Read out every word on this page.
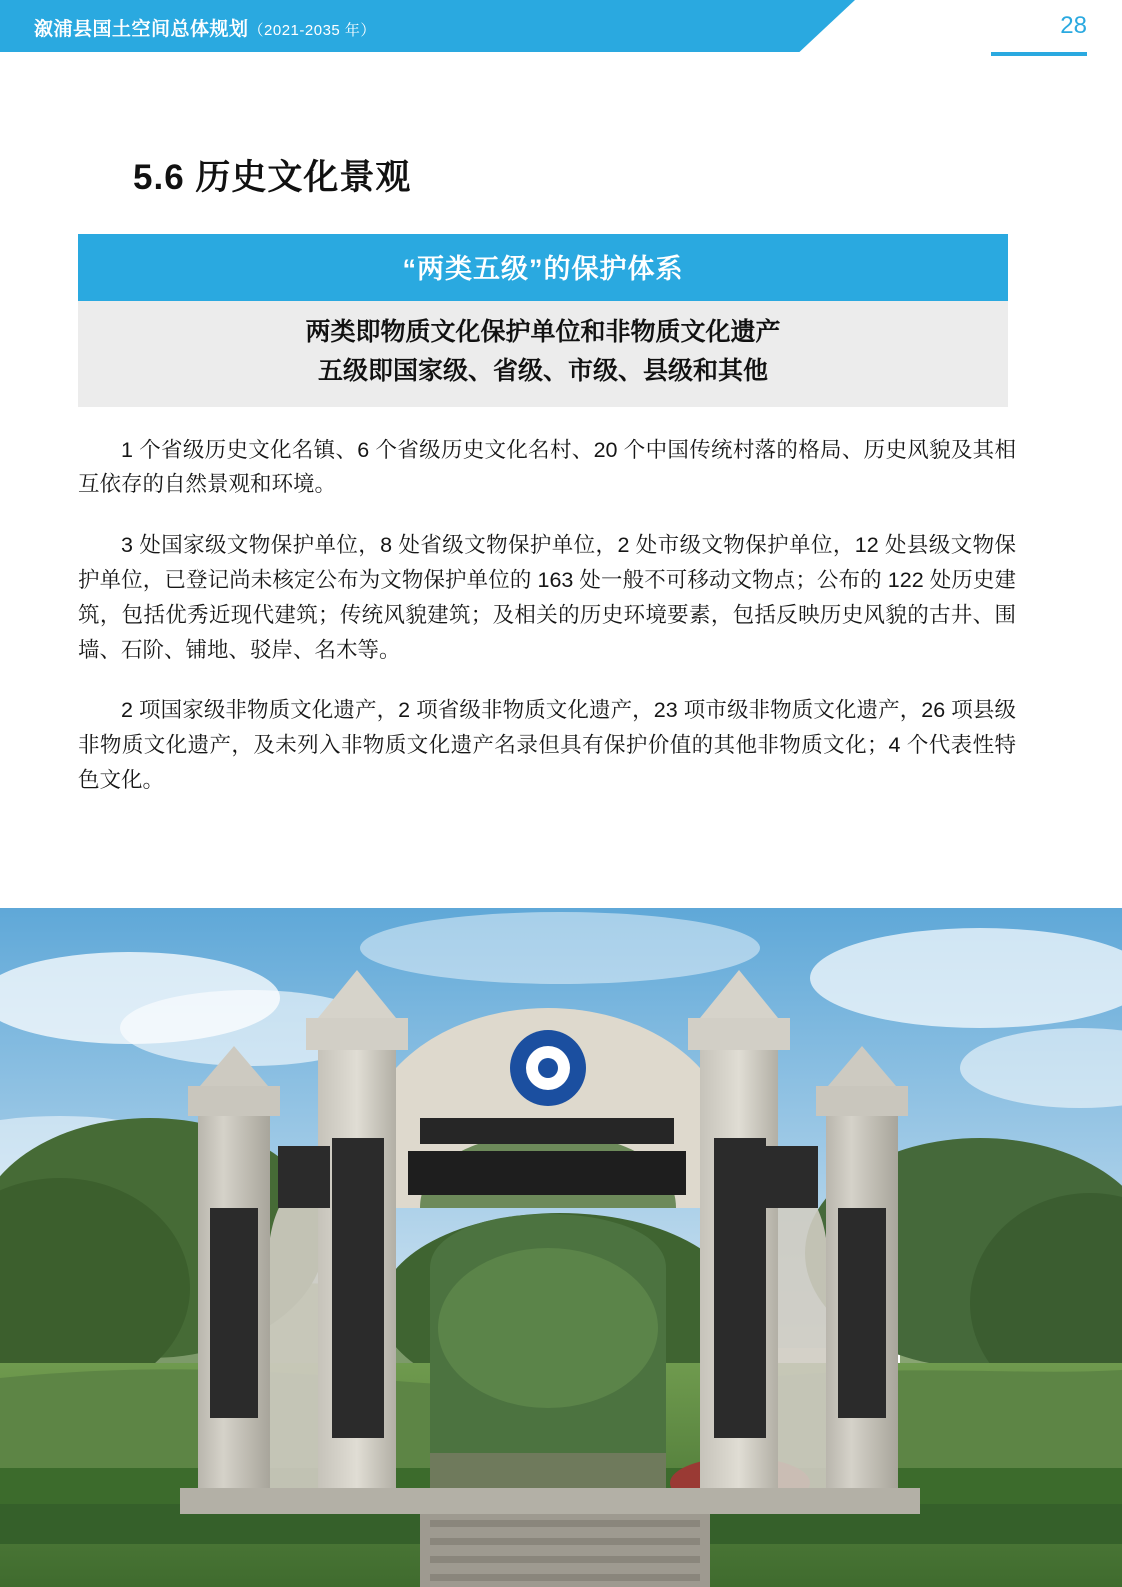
溆浦县国土空间总体规划（2021-2035 年）	28
5.6 历史文化景观
“两类五级”的保护体系
两类即物质文化保护单位和非物质文化遗产
五级即国家级、省级、市级、县级和其他

1 个省级历史文化名镇、6 个省级历史文化名村、20 个中国传统村落的格局、历史风貌及其相互依存的自然景观和环境。

3 处国家级文物保护单位，8 处省级文物保护单位，2 处市级文物保护单位，12 处县级文物保护单位，已登记尚未核定公布为文物保护单位的 163 处一般不可移动文物点；公布的 122 处历史建筑，包括优秀近现代建筑；传统风貌建筑；及相关的历史环境要素，包括反映历史风貌的古井、围墙、石阶、铺地、驳岸、名木等。

2 项国家级非物质文化遗产，2 项省级非物质文化遗产，23 项市级非物质文化遗产，26 项县级非物质文化遗产，及未列入非物质文化遗产名录但具有保护价值的其他非物质文化；4 个代表性特色文化。
